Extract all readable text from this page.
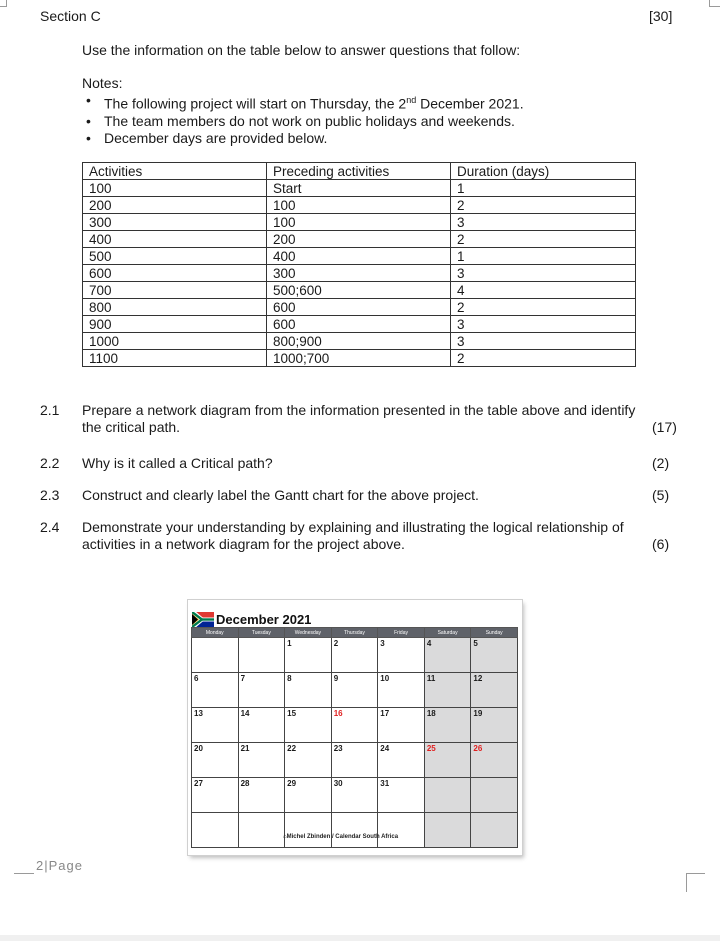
Section C	[30]
Use the information on the table below to answer questions that follow:
Notes:
• The following project will start on Thursday, the 2nd December 2021.
• The team members do not work on public holidays and weekends.
• December days are provided below.
Activities	Preceding activities	Duration (days)
100	Start	1
200	100	2
300	100	3
400	200	2
500	400	1
600	300	3
700	500;600	4
800	600	2
900	600	3
1000	800;900	3
1100	1000;700	2
2.1 Prepare a network diagram from the information presented in the table above and identify the critical path.	(17)
2.2 Why is it called a Critical path?	(2)
2.3 Construct and clearly label the Gantt chart for the above project.	(5)
2.4 Demonstrate your understanding by explaining and illustrating the logical relationship of activities in a network diagram for the project above.	(6)
December 2021
Monday	Tuesday	Wednesday	Thursday	Friday	Saturday	Sunday
		1	2	3	4	5
6	7	8	9	10	11	12
13	14	15	16	17	18	19
20	21	22	23	24	25	26
27	28	29	30	31		

⌂Michel Zbinden / Calendar South Africa
2|Page
